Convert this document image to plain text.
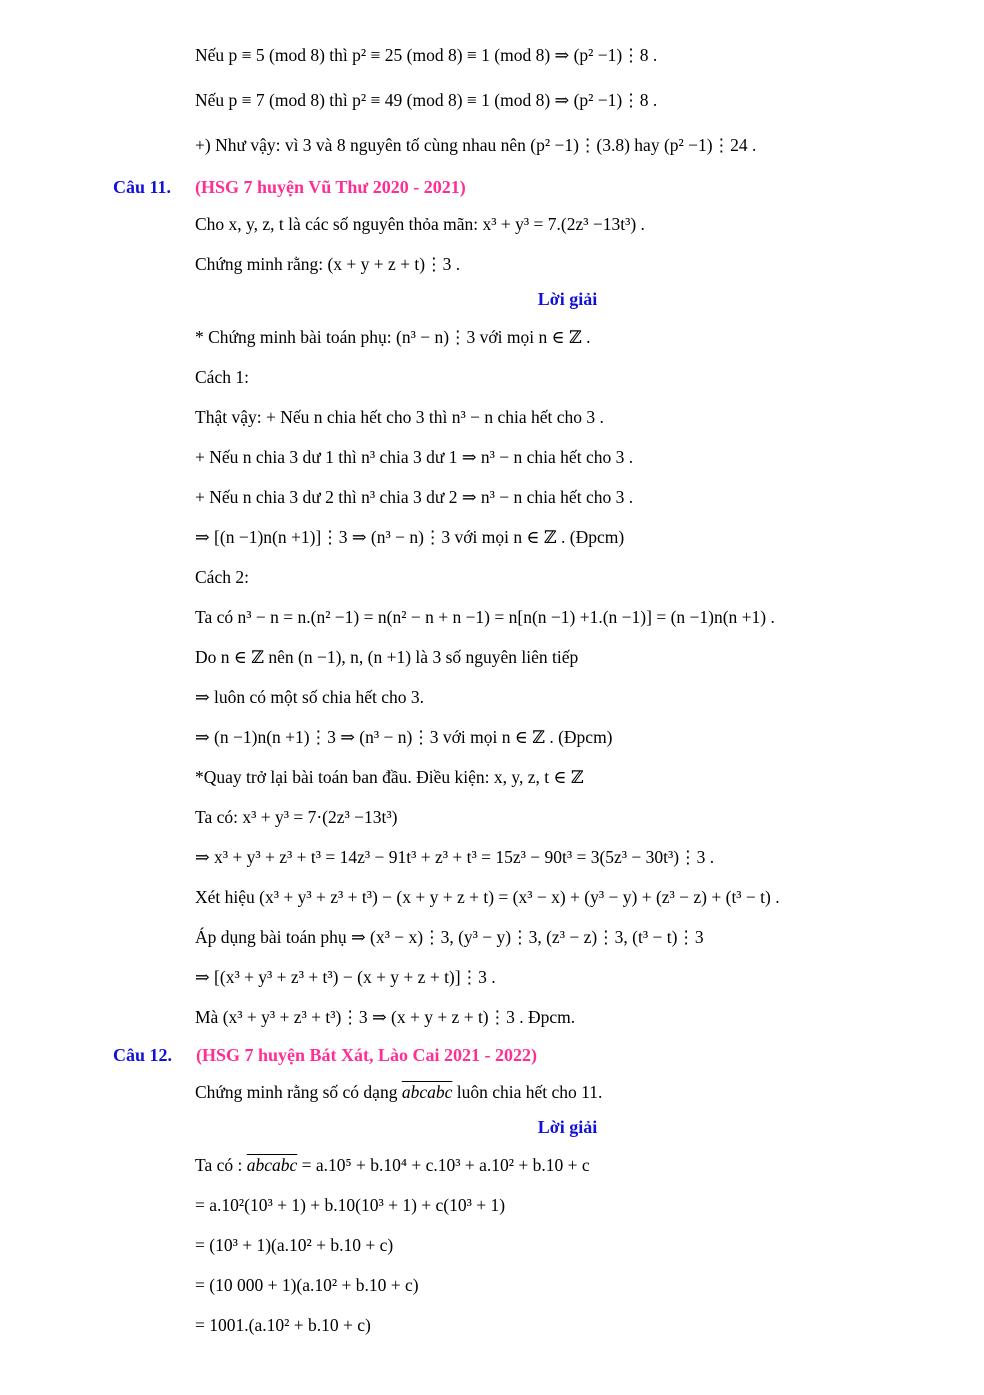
Nếu p ≡ 5 (mod 8) thì p² ≡ 25 (mod 8) ≡ 1 (mod 8) ⇒ (p² −1)⋮8 .

Nếu p ≡ 7 (mod 8) thì p² ≡ 49 (mod 8) ≡ 1 (mod 8) ⇒ (p² −1)⋮8 .

+) Như vậy: vì 3 và 8 nguyên tố cùng nhau nên (p² −1)⋮(3.8) hay (p² −1)⋮24 .

Câu 11. (HSG 7 huyện Vũ Thư 2020 - 2021)

Cho x, y, z, t là các số nguyên thỏa mãn: x³ + y³ = 7.(2z³ −13t³) .

Chứng minh rằng: (x + y + z + t)⋮3 .

Lời giải

* Chứng minh bài toán phụ: (n³ − n)⋮3 với mọi n ∈ ℤ .

Cách 1:

Thật vậy: + Nếu n chia hết cho 3 thì n³ − n chia hết cho 3 .

+ Nếu n chia 3 dư 1 thì n³ chia 3 dư 1 ⇒ n³ − n chia hết cho 3 .

+ Nếu n chia 3 dư 2 thì n³ chia 3 dư 2 ⇒ n³ − n chia hết cho 3 .

⇒ [(n −1)n(n +1)]⋮3 ⇒ (n³ − n)⋮3 với mọi n ∈ ℤ . (Đpcm)

Cách 2:

Ta có n³ − n = n.(n² −1) = n(n² − n + n −1) = n[n(n −1) +1.(n −1)] = (n −1)n(n +1) .

Do n ∈ ℤ nên (n −1), n, (n +1) là 3 số nguyên liên tiếp

⇒ luôn có một số chia hết cho 3.

⇒ (n −1)n(n +1)⋮3 ⇒ (n³ − n)⋮3 với mọi n ∈ ℤ . (Đpcm)

*Quay trở lại bài toán ban đầu. Điều kiện: x, y, z, t ∈ ℤ

Ta có: x³ + y³ = 7·(2z³ −13t³)

⇒ x³ + y³ + z³ + t³ = 14z³ − 91t³ + z³ + t³ = 15z³ − 90t³ = 3(5z³ − 30t³)⋮3 .

Xét hiệu (x³ + y³ + z³ + t³) − (x + y + z + t) = (x³ − x) + (y³ − y) + (z³ − z) + (t³ − t) .

Áp dụng bài toán phụ ⇒ (x³ − x)⋮3, (y³ − y)⋮3, (z³ − z)⋮3, (t³ − t)⋮3

⇒ [(x³ + y³ + z³ + t³) − (x + y + z + t)]⋮3 .

Mà (x³ + y³ + z³ + t³)⋮3 ⇒ (x + y + z + t)⋮3 . Đpcm.

Câu 12. (HSG 7 huyện Bát Xát, Lào Cai 2021 - 2022)

Chứng minh rằng số có dạng abcabc luôn chia hết cho 11.

Lời giải

Ta có : abcabc = a.10⁵ + b.10⁴ + c.10³ + a.10² + b.10 + c

= a.10²(10³ + 1) + b.10(10³ + 1) + c(10³ + 1)

= (10³ + 1)(a.10² + b.10 + c)

= (10 000 + 1)(a.10² + b.10 + c)

= 1001.(a.10² + b.10 + c)
